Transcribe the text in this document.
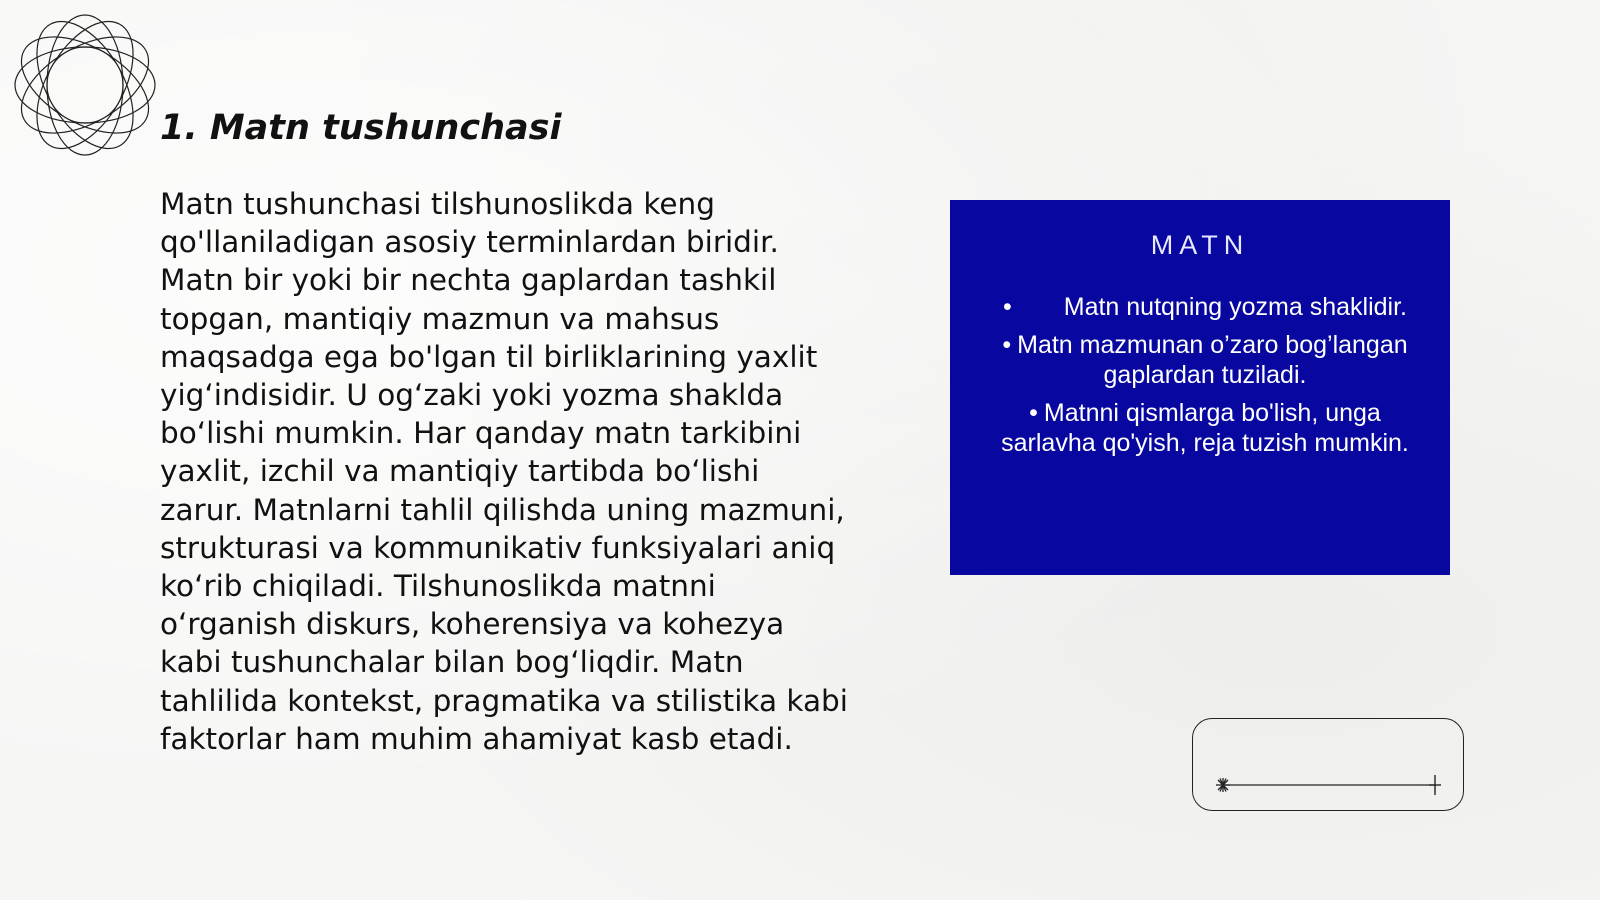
1. Matn tushunchasi

Matn tushunchasi tilshunoslikda keng qo'llaniladigan asosiy terminlardan biridir. Matn bir yoki bir nechta gaplardan tashkil topgan, mantiqiy mazmun va mahsus maqsadga ega bo'lgan til birliklarining yaxlit yig‘indisidir. U og‘zaki yoki yozma shaklda bo‘lishi mumkin. Har qanday matn tarkibini yaxlit, izchil va mantiqiy tartibda bo‘lishi zarur. Matnlarni tahlil qilishda uning mazmuni, strukturasi va kommunikativ funksiyalari aniq ko‘rib chiqiladi. Tilshunoslikda matnni o‘rganish diskurs, koherensiya va kohezya kabi tushunchalar bilan bog‘liqdir. Matn tahlilida kontekst, pragmatika va stilistika kabi faktorlar ham muhim ahamiyat kasb etadi.

MATN
• Matn nutqning yozma shaklidir.
• Matn mazmunan o’zaro bog’langan gaplardan tuziladi.
• Matnni qismlarga bo'lish, unga sarlavha qo'yish, reja tuzish mumkin.
